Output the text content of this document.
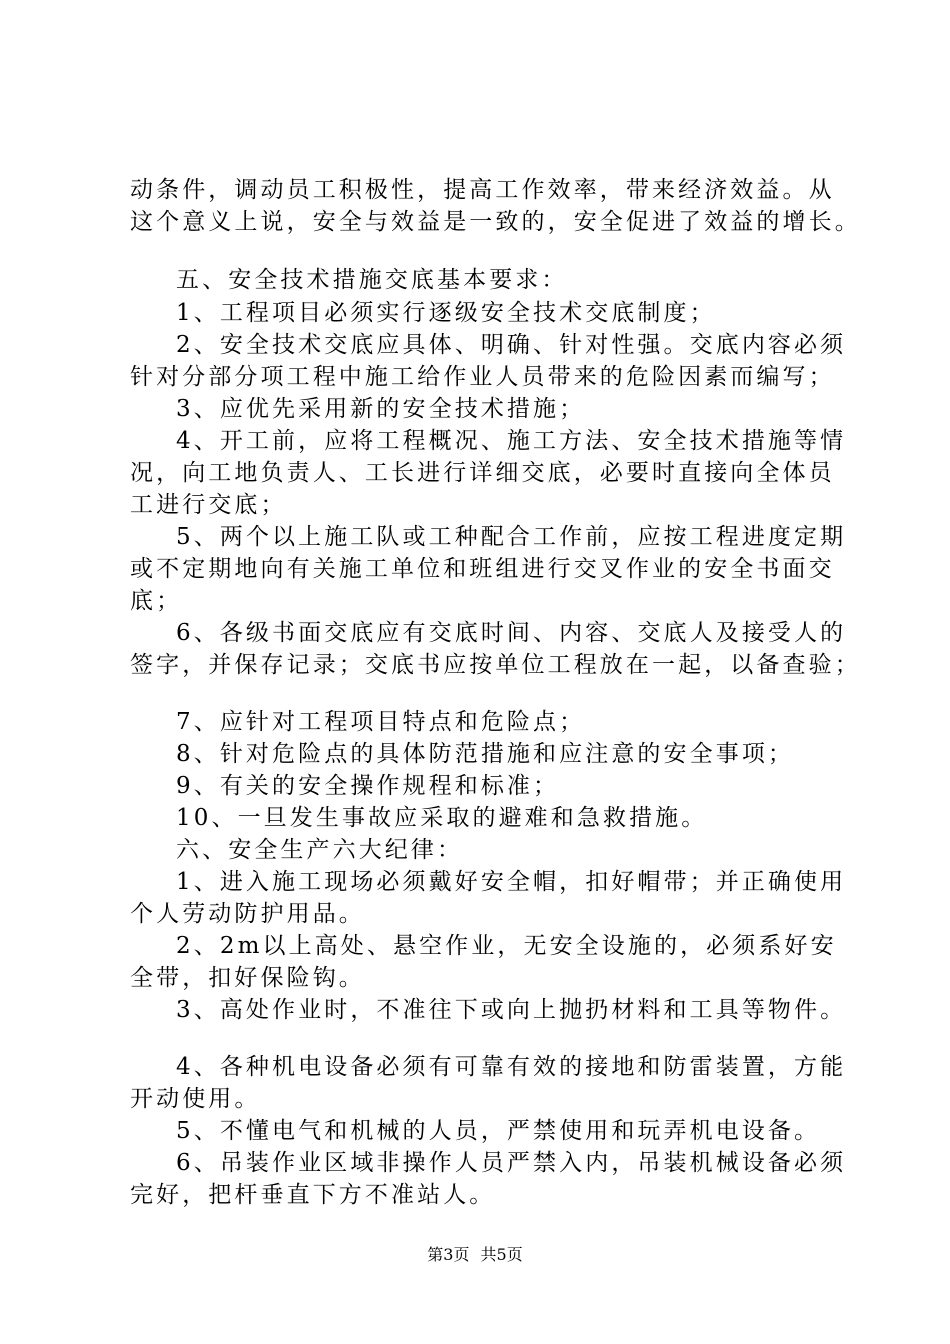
动条件，调动员工积极性，提高工作效率，带来经济效益。从
这个意义上说，安全与效益是一致的，安全促进了效益的增长。
五、安全技术措施交底基本要求：
1、工程项目必须实行逐级安全技术交底制度；
2、安全技术交底应具体、明确、针对性强。交底内容必须
针对分部分项工程中施工给作业人员带来的危险因素而编写；
3、应优先采用新的安全技术措施；
4、开工前，应将工程概况、施工方法、安全技术措施等情
况，向工地负责人、工长进行详细交底，必要时直接向全体员
工进行交底；
5、两个以上施工队或工种配合工作前，应按工程进度定期
或不定期地向有关施工单位和班组进行交叉作业的安全书面交
底；
6、各级书面交底应有交底时间、内容、交底人及接受人的
签字，并保存记录；交底书应按单位工程放在一起，以备查验；
7、应针对工程项目特点和危险点；
8、针对危险点的具体防范措施和应注意的安全事项；
9、有关的安全操作规程和标准；
10、一旦发生事故应采取的避难和急救措施。
六、安全生产六大纪律：
1、进入施工现场必须戴好安全帽，扣好帽带；并正确使用
个人劳动防护用品。
2、2m以上高处、悬空作业，无安全设施的，必须系好安
全带，扣好保险钩。
3、高处作业时，不准往下或向上抛扔材料和工具等物件。
4、各种机电设备必须有可靠有效的接地和防雷装置，方能
开动使用。
5、不懂电气和机械的人员，严禁使用和玩弄机电设备。
6、吊装作业区域非操作人员严禁入内，吊装机械设备必须
完好，把杆垂直下方不准站人。
第3页 共5页
